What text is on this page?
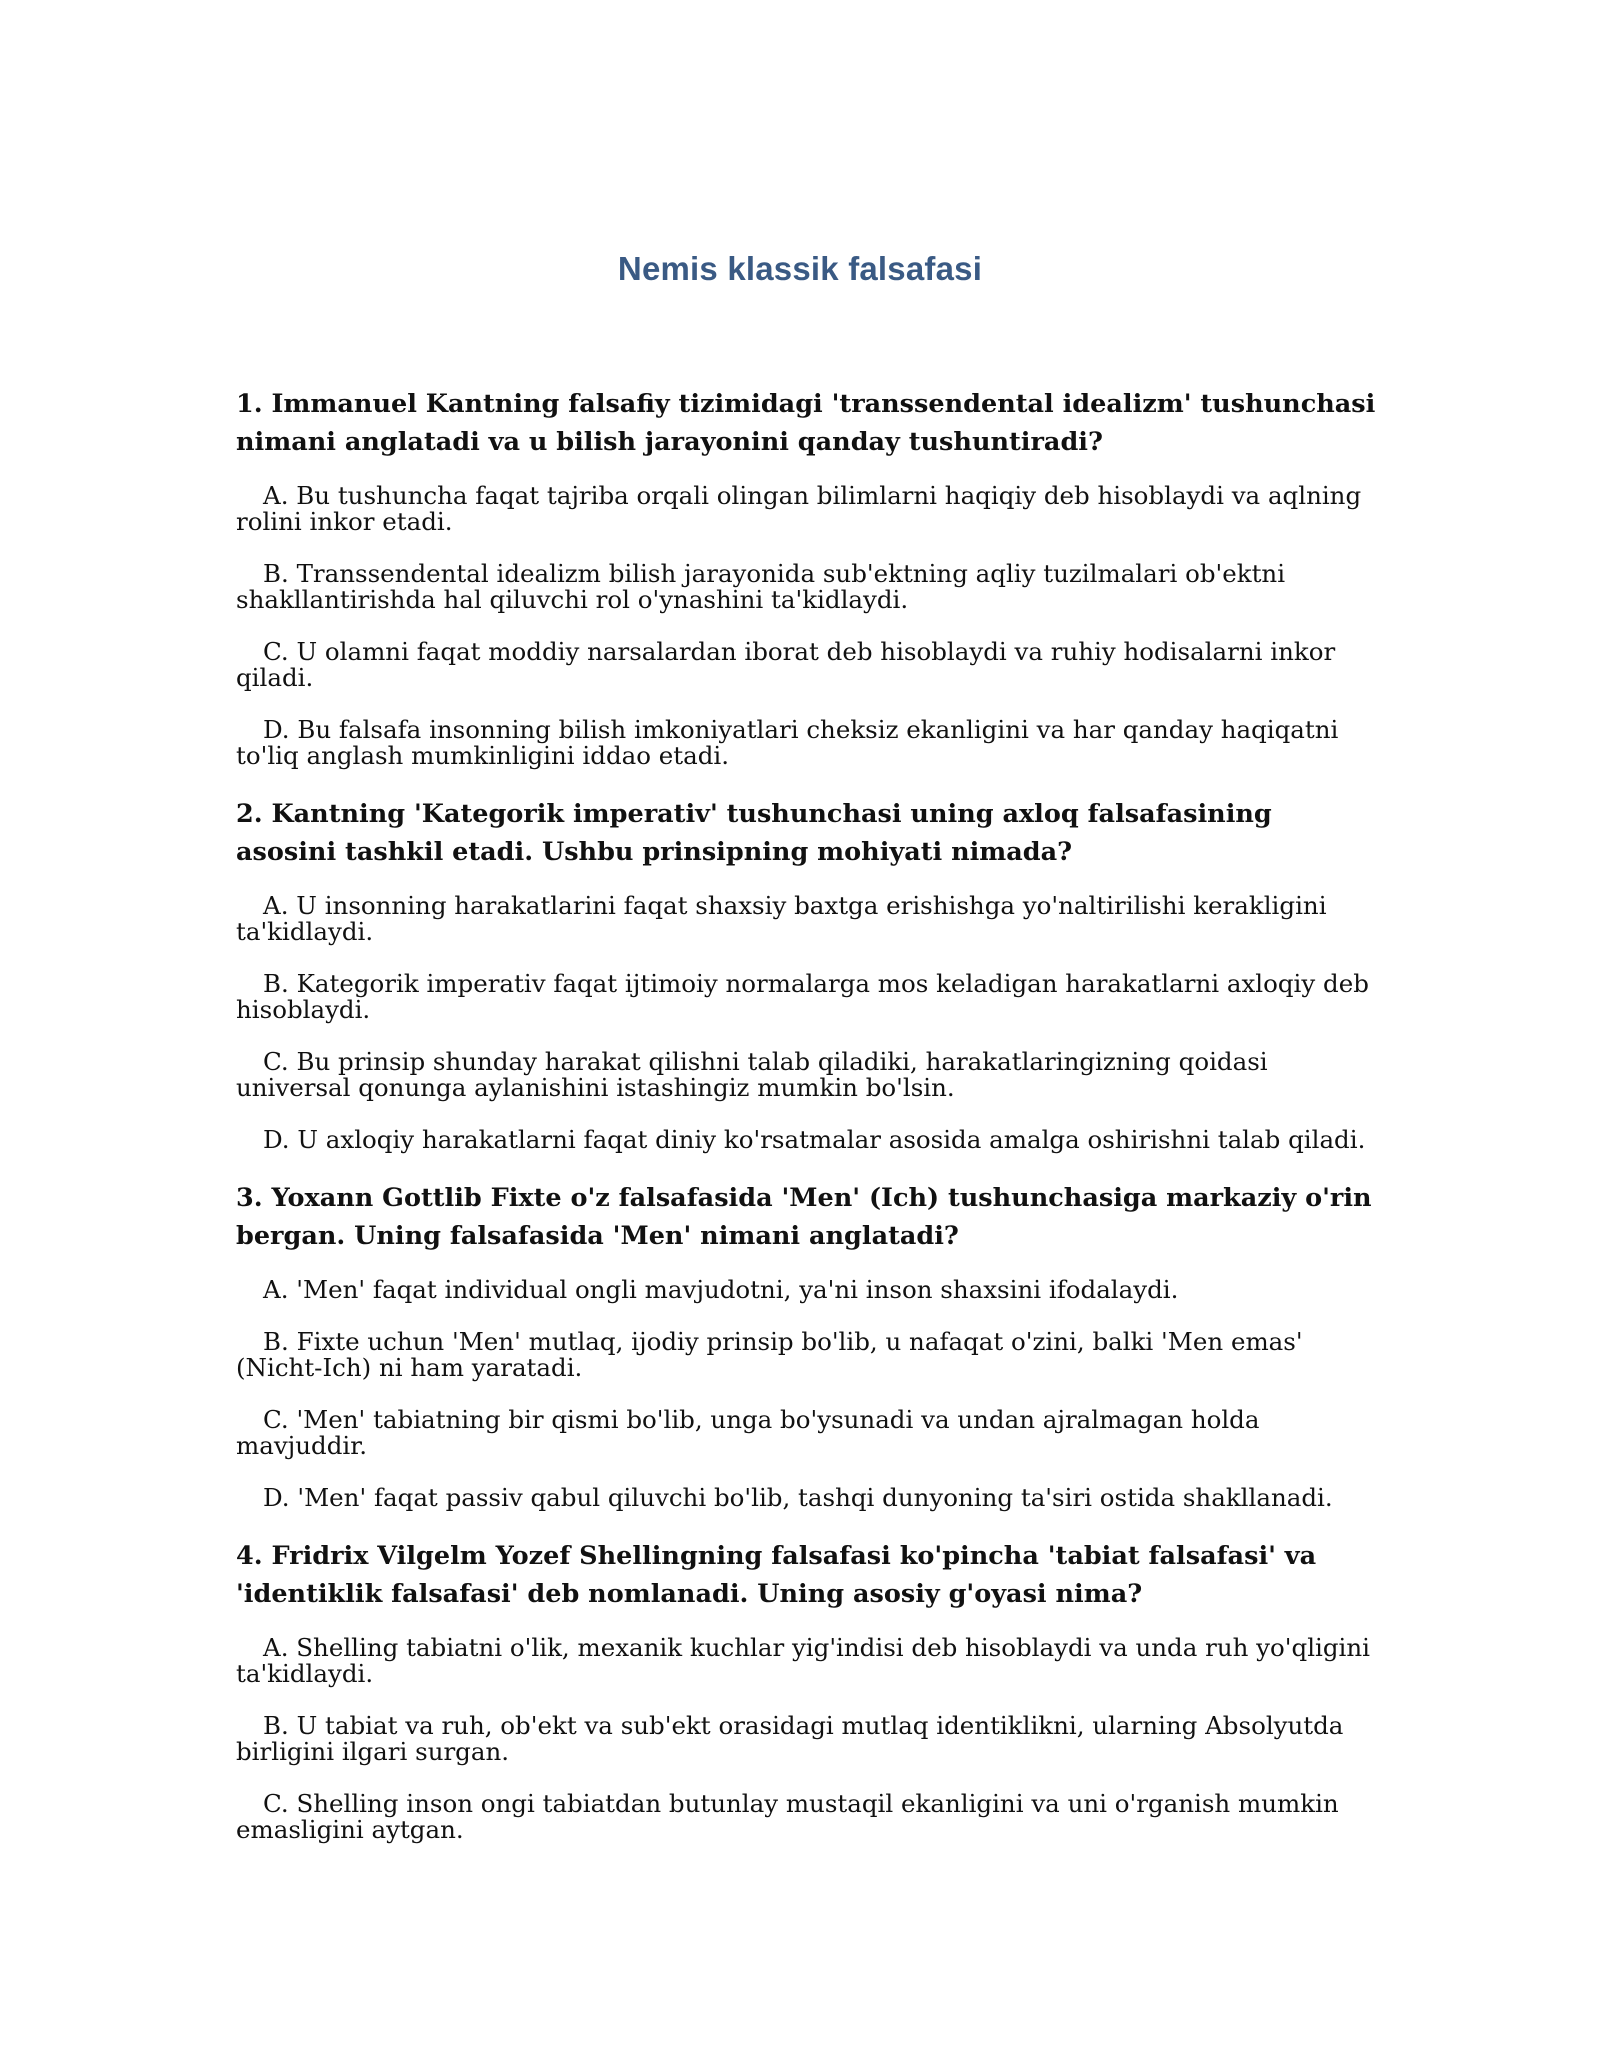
Nemis klassik falsafasi
1. Immanuel Kantning falsafiy tizimidagi 'transsendental idealizm' tushunchasi nimani anglatadi va u bilish jarayonini qanday tushuntiradi?
A. Bu tushuncha faqat tajriba orqali olingan bilimlarni haqiqiy deb hisoblaydi va aqlning rolini inkor etadi.
B. Transsendental idealizm bilish jarayonida sub'ektning aqliy tuzilmalari ob'ektni shakllantirishda hal qiluvchi rol o'ynashini ta'kidlaydi.
C. U olamni faqat moddiy narsalardan iborat deb hisoblaydi va ruhiy hodisalarni inkor qiladi.
D. Bu falsafa insonning bilish imkoniyatlari cheksiz ekanligini va har qanday haqiqatni to'liq anglash mumkinligini iddao etadi.
2. Kantning 'Kategorik imperativ' tushunchasi uning axloq falsafasining asosini tashkil etadi. Ushbu prinsipning mohiyati nimada?
A. U insonning harakatlarini faqat shaxsiy baxtga erishishga yo'naltirilishi kerakligini ta'kidlaydi.
B. Kategorik imperativ faqat ijtimoiy normalarga mos keladigan harakatlarni axloqiy deb hisoblaydi.
C. Bu prinsip shunday harakat qilishni talab qiladiki, harakatlaringizning qoidasi universal qonunga aylanishini istashingiz mumkin bo'lsin.
D. U axloqiy harakatlarni faqat diniy ko'rsatmalar asosida amalga oshirishni talab qiladi.
3. Yoxann Gottlib Fixte o'z falsafasida 'Men' (Ich) tushunchasiga markaziy o'rin bergan. Uning falsafasida 'Men' nimani anglatadi?
A. 'Men' faqat individual ongli mavjudotni, ya'ni inson shaxsini ifodalaydi.
B. Fixte uchun 'Men' mutlaq, ijodiy prinsip bo'lib, u nafaqat o'zini, balki 'Men emas' (Nicht-Ich) ni ham yaratadi.
C. 'Men' tabiatning bir qismi bo'lib, unga bo'ysunadi va undan ajralmagan holda mavjuddir.
D. 'Men' faqat passiv qabul qiluvchi bo'lib, tashqi dunyoning ta'siri ostida shakllanadi.
4. Fridrix Vilgelm Yozef Shellingning falsafasi ko'pincha 'tabiat falsafasi' va 'identiklik falsafasi' deb nomlanadi. Uning asosiy g'oyasi nima?
A. Shelling tabiatni o'lik, mexanik kuchlar yig'indisi deb hisoblaydi va unda ruh yo'qligini ta'kidlaydi.
B. U tabiat va ruh, ob'ekt va sub'ekt orasidagi mutlaq identiklikni, ularning Absolyutda birligini ilgari surgan.
C. Shelling inson ongi tabiatdan butunlay mustaqil ekanligini va uni o'rganish mumkin emasligini aytgan.
